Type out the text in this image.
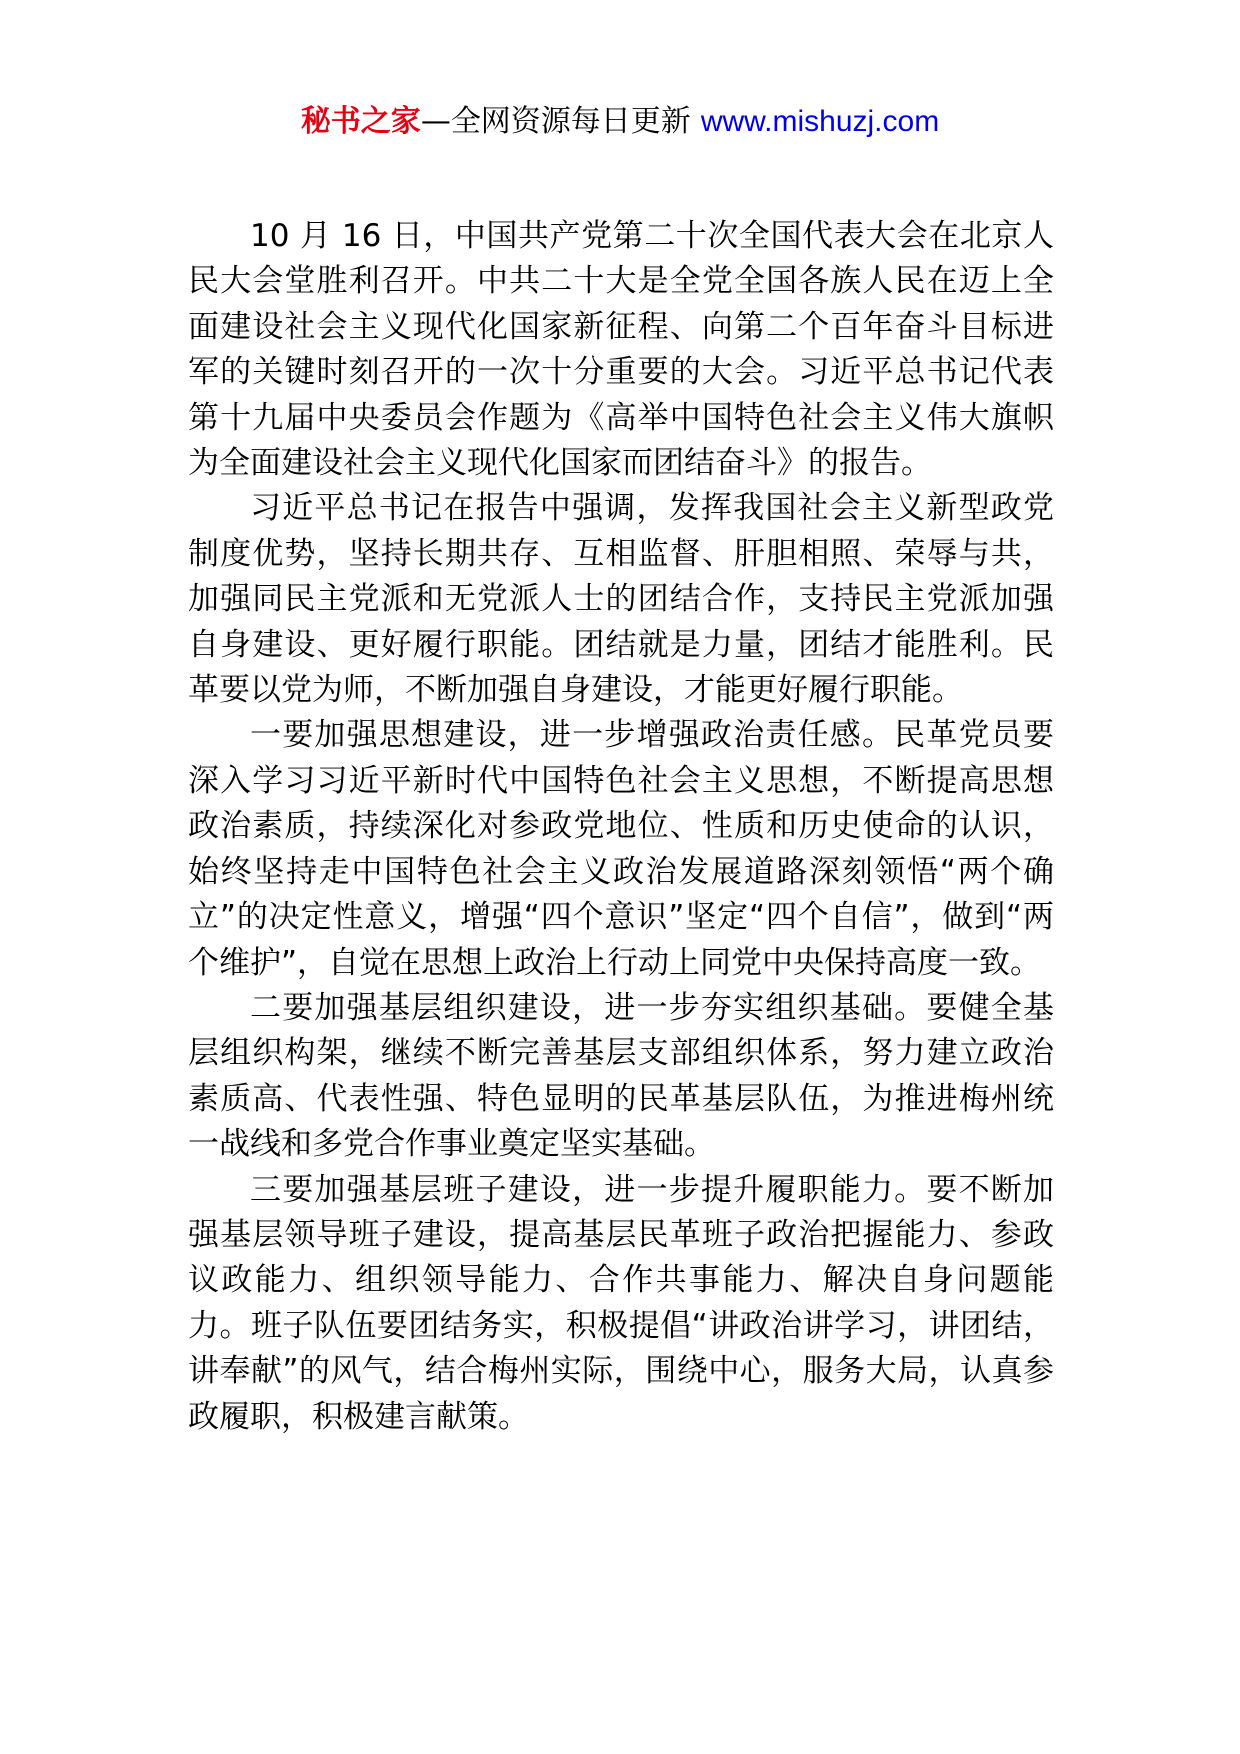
秘书之家—全网资源每日更新 www.mishuzj.com

10 月 16 日，中国共产党第二十次全国代表大会在北京人民大会堂胜利召开。中共二十大是全党全国各族人民在迈上全面建设社会主义现代化国家新征程、向第二个百年奋斗目标进军的关键时刻召开的一次十分重要的大会。习近平总书记代表第十九届中央委员会作题为《高举中国特色社会主义伟大旗帜 为全面建设社会主义现代化国家而团结奋斗》的报告。

习近平总书记在报告中强调，发挥我国社会主义新型政党制度优势，坚持长期共存、互相监督、肝胆相照、荣辱与共，加强同民主党派和无党派人士的团结合作，支持民主党派加强自身建设、更好履行职能。团结就是力量，团结才能胜利。民革要以党为师，不断加强自身建设，才能更好履行职能。

一要加强思想建设，进一步增强政治责任感。民革党员要深入学习习近平新时代中国特色社会主义思想，不断提高思想政治素质，持续深化对参政党地位、性质和历史使命的认识，始终坚持走中国特色社会主义政治发展道路深刻领悟“两个确立”的决定性意义，增强“四个意识”坚定“四个自信”，做到“两个维护”，自觉在思想上政治上行动上同党中央保持高度一致。

二要加强基层组织建设，进一步夯实组织基础。要健全基层组织构架，继续不断完善基层支部组织体系，努力建立政治素质高、代表性强、特色显明的民革基层队伍，为推进梅州统一战线和多党合作事业奠定坚实基础。

三要加强基层班子建设，进一步提升履职能力。要不断加强基层领导班子建设，提高基层民革班子政治把握能力、参政议政能力、组织领导能力、合作共事能力、解决自身问题能力。班子队伍要团结务实，积极提倡“讲政治讲学习，讲团结，讲奉献”的风气，结合梅州实际，围绕中心，服务大局，认真参政履职，积极建言献策。
